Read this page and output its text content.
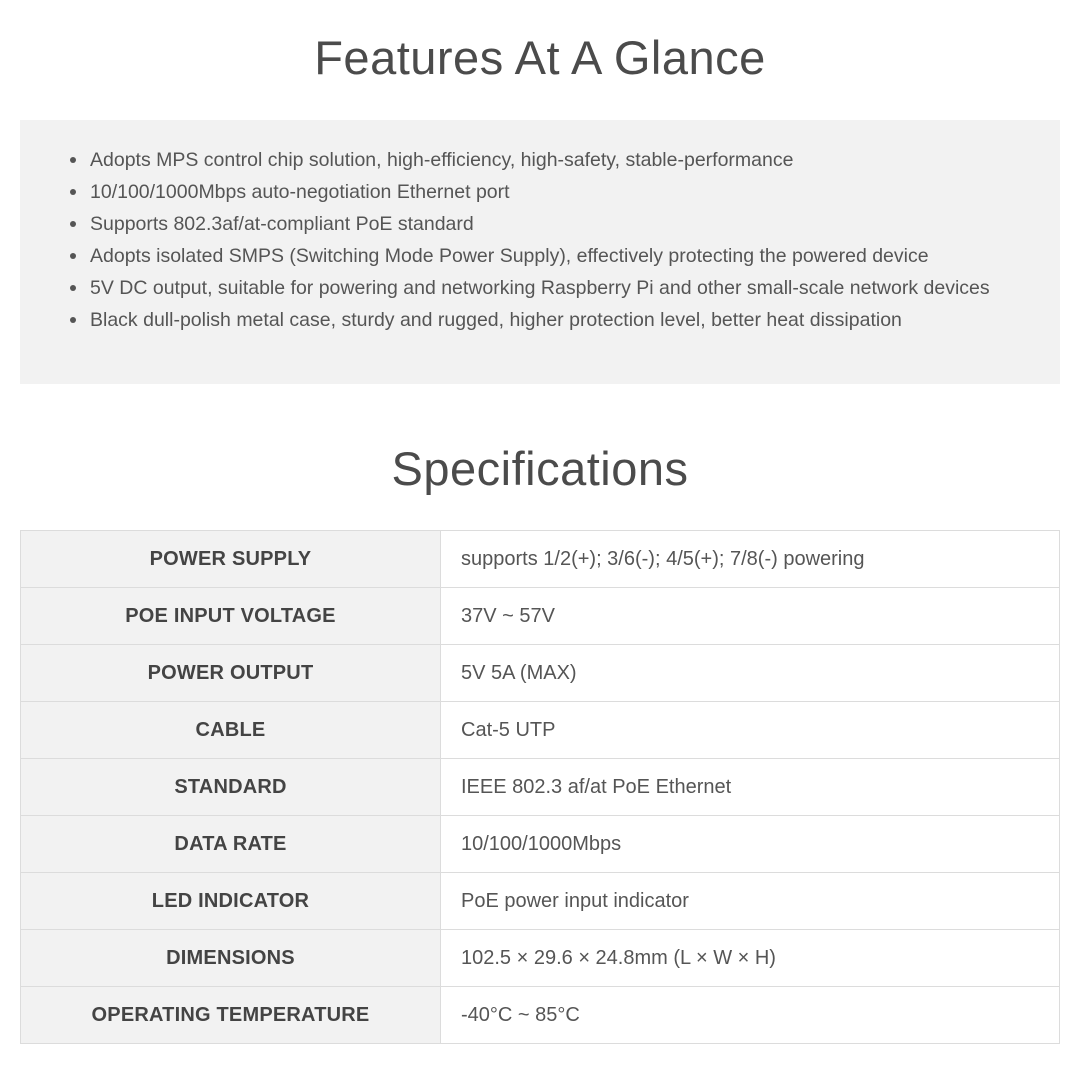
Features At A Glance
Adopts MPS control chip solution, high-efficiency, high-safety, stable-performance
10/100/1000Mbps auto-negotiation Ethernet port
Supports 802.3af/at-compliant PoE standard
Adopts isolated SMPS (Switching Mode Power Supply), effectively protecting the powered device
5V DC output, suitable for powering and networking Raspberry Pi and other small-scale network devices
Black dull-polish metal case, sturdy and rugged, higher protection level, better heat dissipation
Specifications
POWER SUPPLY	supports 1/2(+); 3/6(-); 4/5(+); 7/8(-) powering
POE INPUT VOLTAGE	37V ~ 57V
POWER OUTPUT	5V 5A (MAX)
CABLE	Cat-5 UTP
STANDARD	IEEE 802.3 af/at PoE Ethernet
DATA RATE	10/100/1000Mbps
LED INDICATOR	PoE power input indicator
DIMENSIONS	102.5 × 29.6 × 24.8mm (L × W × H)
OPERATING TEMPERATURE	-40°C ~ 85°C
